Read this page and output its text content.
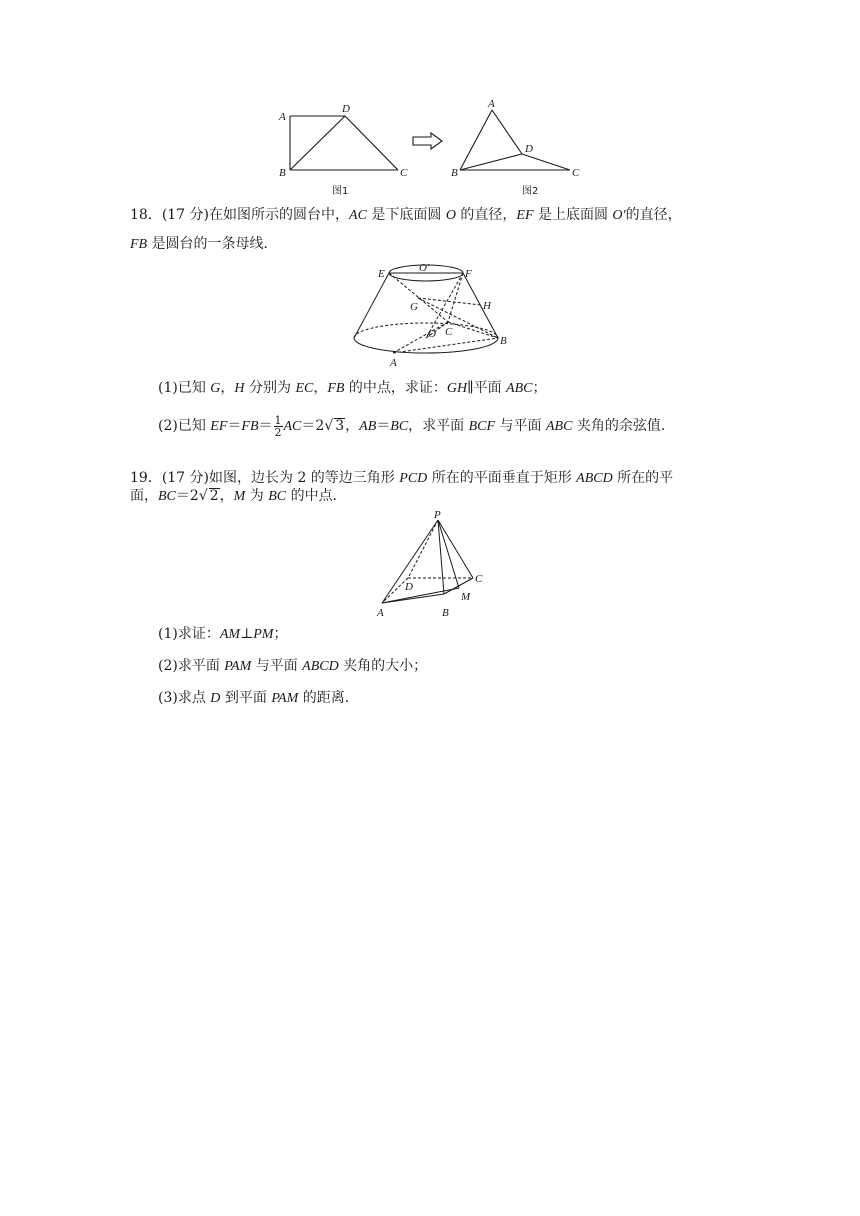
A
D
B	C
图1
A
D
B	C
图2
18．(17 分)在如图所示的圆台中，AC 是下底面圆 O 的直径，EF 是上底面圆 O′的直径，
FB 是圆台的一条母线．
E	O′	F
G	H
O C
B
A
(1)已知 G，H 分别为 EC，FB 的中点，求证：GH∥平面 ABC；
(2)已知 $EF=FB= \frac{1}{2} AC=2√$ 3，AB＝BC，求平面 BCF 与平面 ABC 夹角的余弦值．
19．(17 分)如图，边长为 2 的等边三角形 PCD 所在的平面垂直于矩形 ABCD 所在的平
面，BC＝2√ 2，M 为 BC 的中点．
P
D
C
M
A	B
(1)求证：AM⊥PM；
(2)求平面 PAM 与平面 ABCD 夹角的大小；
(3)求点 D 到平面 PAM 的距离．
